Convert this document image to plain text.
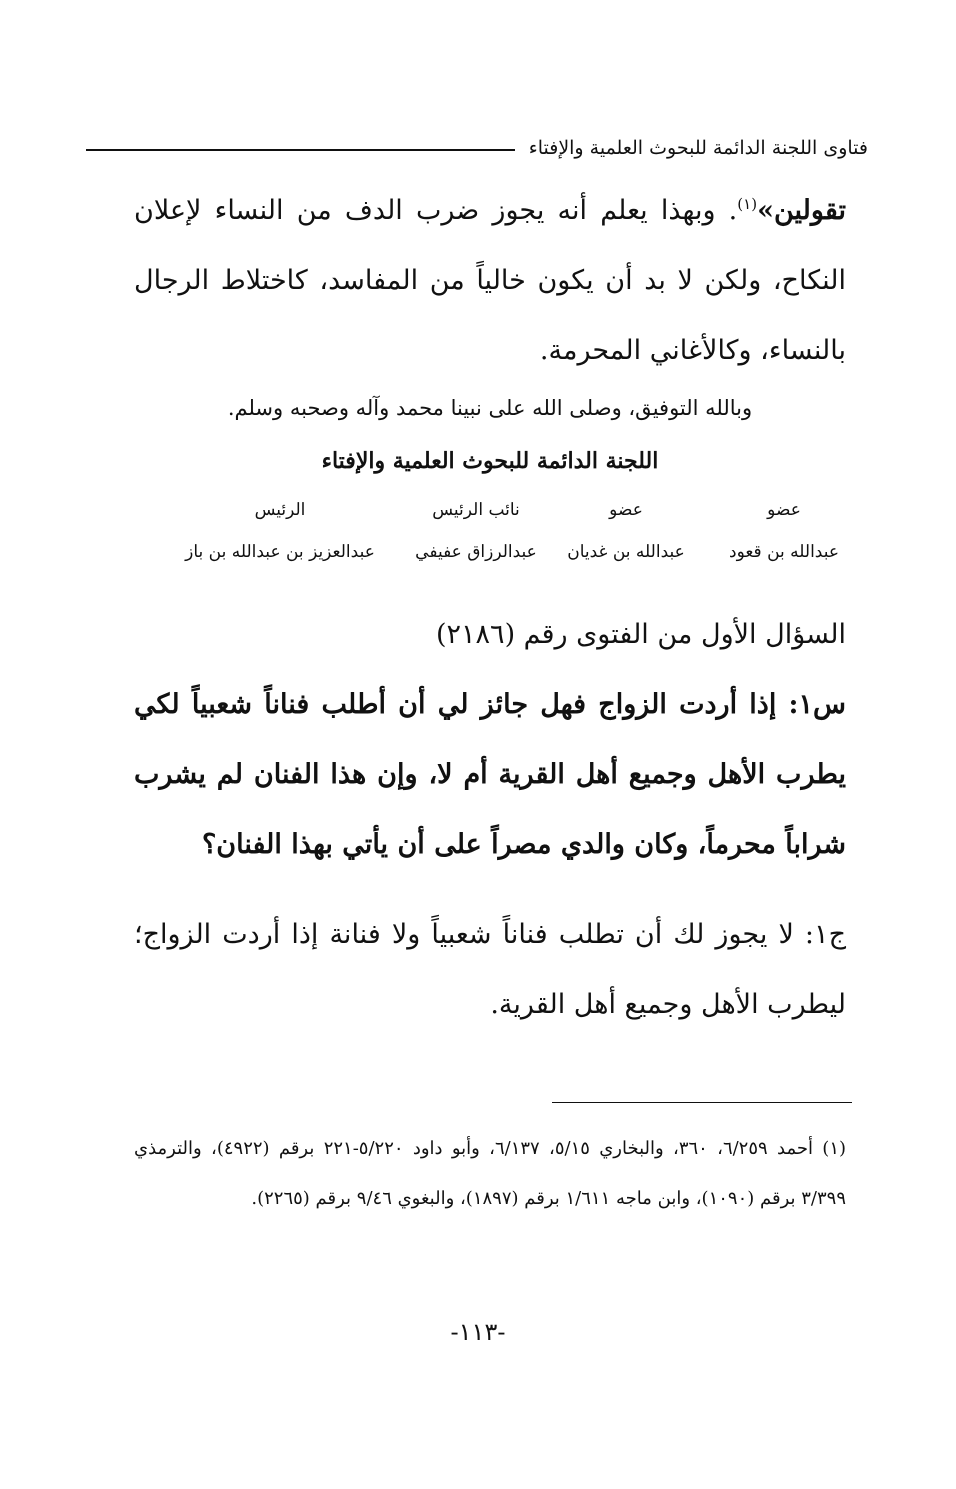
فتاوى اللجنة الدائمة للبحوث العلمية والإفتاء
تقولين»$^{(١)}$. وبهذا يعلم أنه يجوز ضرب الدف من النساء لإعلان النكاح، ولكن لا بد أن يكون خالياً من المفاسد، كاختلاط الرجال بالنساء، وكالأغاني المحرمة.
وبالله التوفيق، وصلى الله على نبينا محمد وآله وصحبه وسلم.
اللجنة الدائمة للبحوث العلمية والإفتاء
عضو
عضو
نائب الرئيس
الرئيس
عبدالله بن قعود
عبدالله بن غديان
عبدالرزاق عفيفي
عبدالعزيز بن عبدالله بن باز
السؤال الأول من الفتوى رقم (٢١٨٦)
س١: إذا أردت الزواج فهل جائز لي أن أطلب فناناً شعبياً لكي يطرب الأهل وجميع أهل القرية أم لا، وإن هذا الفنان لم يشرب شراباً محرماً، وكان والدي مصراً على أن يأتي بهذا الفنان؟
ج١: لا يجوز لك أن تطلب فناناً شعبياً ولا فنانة إذا أردت الزواج؛ ليطرب الأهل وجميع أهل القرية.
(١) أحمد ٦/٢٥٩، ٣٦٠، والبخاري ٥/١٥، ٦/١٣٧، وأبو داود ٥/٢٢٠-٢٢١ برقم (٤٩٢٢)، والترمذي ٣/٣٩٩ برقم (١٠٩٠)، وابن ماجه ١/٦١١ برقم (١٨٩٧)، والبغوي ٩/٤٦ برقم (٢٢٦٥).
-١١٣-
